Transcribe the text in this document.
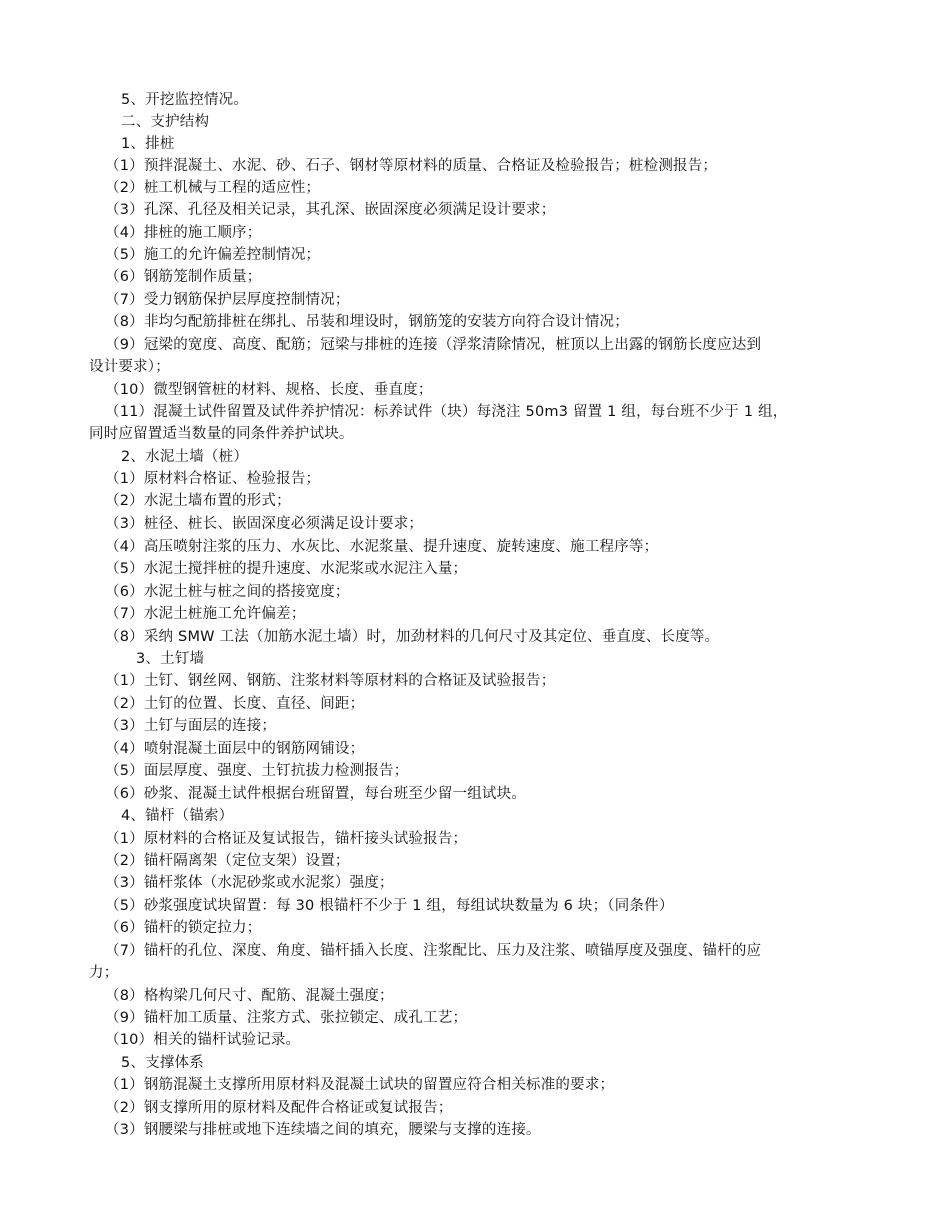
5、开挖监控情况。
二、支护结构
1、排桩
（1）预拌混凝土、水泥、砂、石子、钢材等原材料的质量、合格证及检验报告；桩检测报告；
（2）桩工机械与工程的适应性；
（3）孔深、孔径及相关记录，其孔深、嵌固深度必须满足设计要求；
（4）排桩的施工顺序；
（5）施工的允许偏差控制情况；
（6）钢筋笼制作质量；
（7）受力钢筋保护层厚度控制情况；
（8）非均匀配筋排桩在绑扎、吊装和埋设时，钢筋笼的安装方向符合设计情况；
（9）冠梁的宽度、高度、配筋；冠梁与排桩的连接（浮浆清除情况，桩顶以上出露的钢筋长度应达到
设计要求）；
（10）微型钢管桩的材料、规格、长度、垂直度；
（11）混凝土试件留置及试件养护情况：标养试件（块）每浇注 50m3 留置 1 组，每台班不少于 1 组，
同时应留置适当数量的同条件养护试块。
2、水泥土墙（桩）
（1）原材料合格证、检验报告；
（2）水泥土墙布置的形式；
（3）桩径、桩长、嵌固深度必须满足设计要求；
（4）高压喷射注浆的压力、水灰比、水泥浆量、提升速度、旋转速度、施工程序等；
（5）水泥土搅拌桩的提升速度、水泥浆或水泥注入量；
（6）水泥土桩与桩之间的搭接宽度；
（7）水泥土桩施工允许偏差；
（8）采纳 SMW 工法（加筋水泥土墙）时，加劲材料的几何尺寸及其定位、垂直度、长度等。
3、土钉墙
（1）土钉、钢丝网、钢筋、注浆材料等原材料的合格证及试验报告；
（2）土钉的位置、长度、直径、间距；
（3）土钉与面层的连接；
（4）喷射混凝土面层中的钢筋网铺设；
（5）面层厚度、强度、土钉抗拔力检测报告；
（6）砂浆、混凝土试件根据台班留置，每台班至少留一组试块。
4、锚杆（锚索）
（1）原材料的合格证及复试报告，锚杆接头试验报告；
（2）锚杆隔离架（定位支架）设置；
（3）锚杆浆体（水泥砂浆或水泥浆）强度；
（5）砂浆强度试块留置：每 30 根锚杆不少于 1 组，每组试块数量为 6 块；（同条件）
（6）锚杆的锁定拉力；
（7）锚杆的孔位、深度、角度、锚杆插入长度、注浆配比、压力及注浆、喷锚厚度及强度、锚杆的应
力；
（8）格构梁几何尺寸、配筋、混凝土强度；
（9）锚杆加工质量、注浆方式、张拉锁定、成孔工艺；
（10）相关的锚杆试验记录。
5、支撑体系
（1）钢筋混凝土支撑所用原材料及混凝土试块的留置应符合相关标准的要求；
（2）钢支撑所用的原材料及配件合格证或复试报告；
（3）钢腰梁与排桩或地下连续墙之间的填充，腰梁与支撑的连接。
